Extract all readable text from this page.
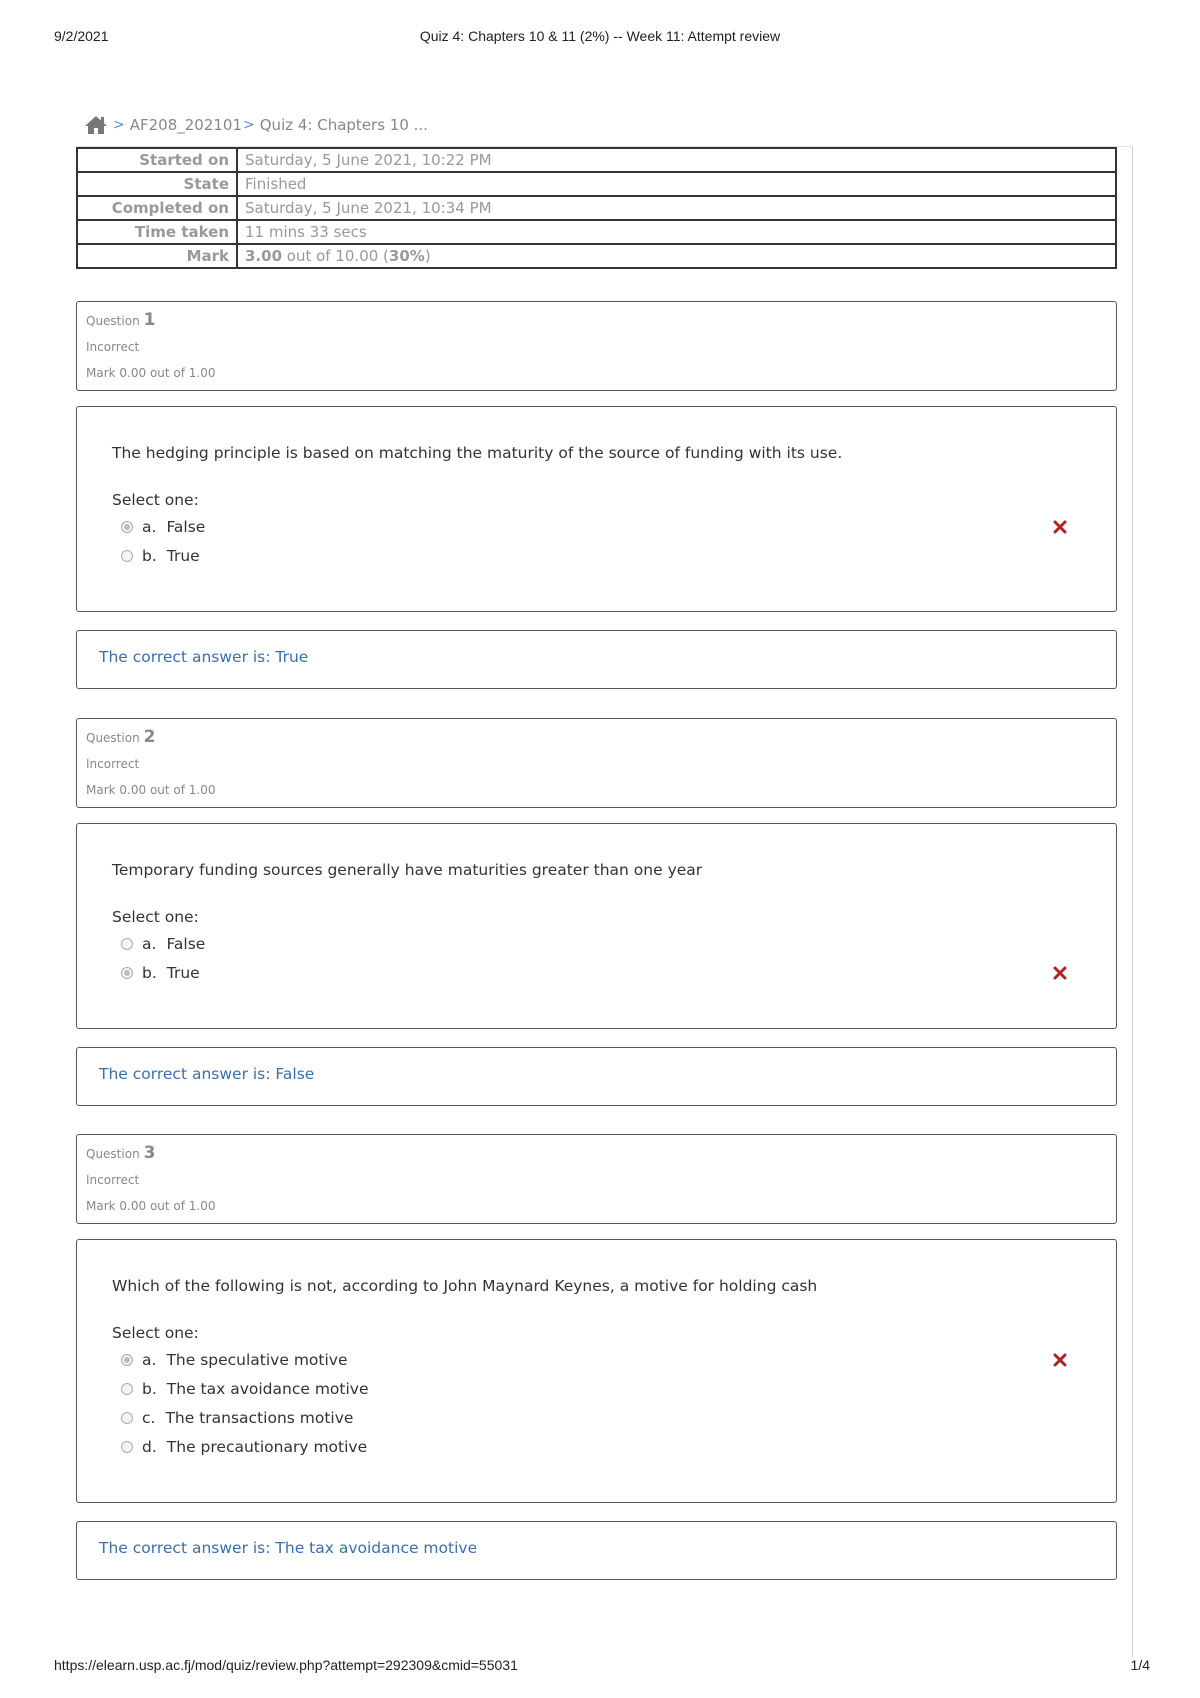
9/2/2021	Quiz 4: Chapters 10 & 11 (2%) -- Week 11: Attempt review
> AF208_202101 > Quiz 4: Chapters 10 ...
Started on	Saturday, 5 June 2021, 10:22 PM
State	Finished
Completed on	Saturday, 5 June 2021, 10:34 PM
Time taken	11 mins 33 secs
Mark	3.00 out of 10.00 (30%)
Question 1
Incorrect
Mark 0.00 out of 1.00
The hedging principle is based on matching the maturity of the source of funding with its use.
Select one:
a. False
b. True
The correct answer is: True
Question 2
Incorrect
Mark 0.00 out of 1.00
Temporary funding sources generally have maturities greater than one year
Select one:
a. False
b. True
The correct answer is: False
Question 3
Incorrect
Mark 0.00 out of 1.00
Which of the following is not, according to John Maynard Keynes, a motive for holding cash
Select one:
a. The speculative motive
b. The tax avoidance motive
c. The transactions motive
d. The precautionary motive
The correct answer is: The tax avoidance motive
https://elearn.usp.ac.fj/mod/quiz/review.php?attempt=292309&cmid=55031	1/4
